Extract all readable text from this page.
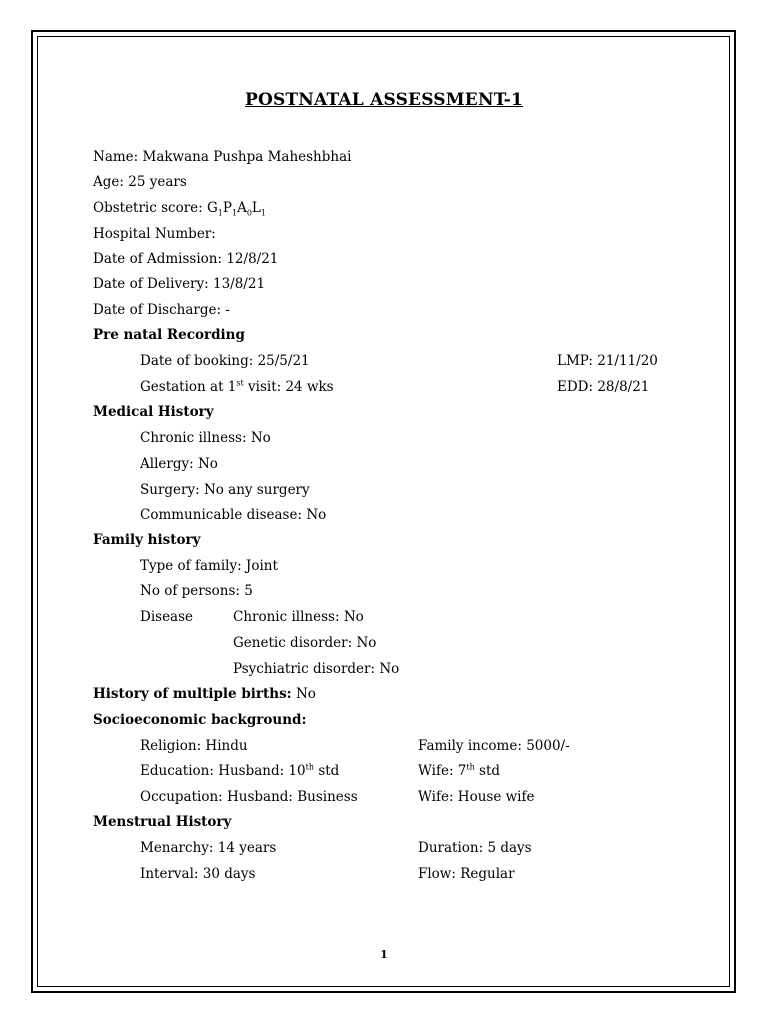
POSTNATAL ASSESSMENT-1
Name: Makwana Pushpa Maheshbhai
Age: 25 years
Obstetric score: $G_1P_1A_0L_1$
Hospital Number:
Date of Admission: 12/8/21
Date of Delivery: 13/8/21
Date of Discharge: -
Pre natal Recording
Date of booking: 25/5/21	LMP: 21/11/20
Gestation at 1st visit: 24 wks	EDD: 28/8/21
Medical History
Chronic illness: No
Allergy: No
Surgery: No any surgery
Communicable disease: No
Family history
Type of family: Joint
No of persons: 5
Disease	Chronic illness: No
Genetic disorder: No
Psychiatric disorder: No
History of multiple births: No
Socioeconomic background:
Religion: Hindu	Family income: 5000/-
Education: Husband: 10th std	Wife: 7th std
Occupation: Husband: Business	Wife: House wife
Menstrual History
Menarchy: 14 years	Duration: 5 days
Interval: 30 days	Flow: Regular
1
